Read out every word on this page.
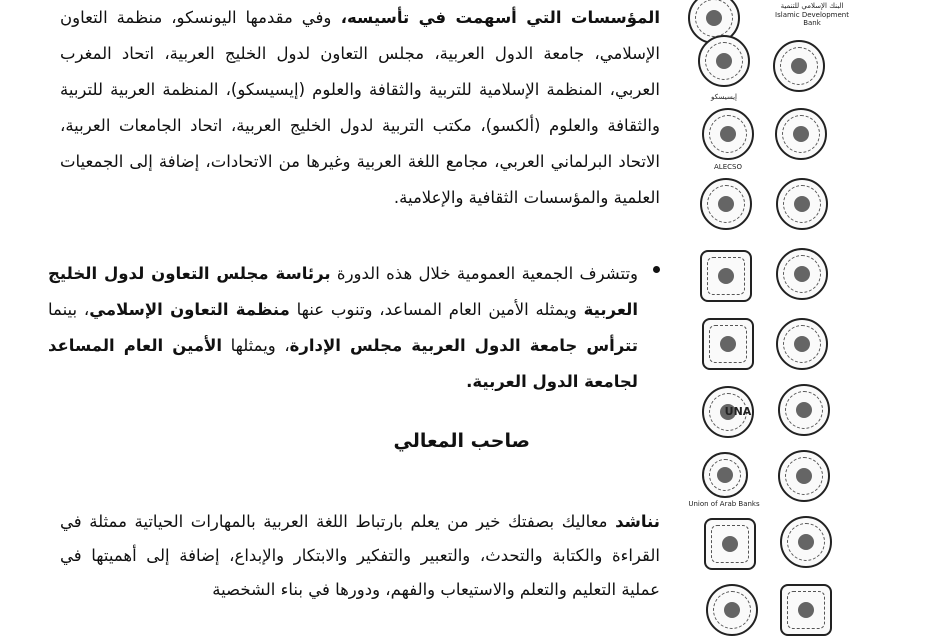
المؤسسات التي أسهمت في تأسيسه، وفي مقدمها اليونسكو، منظمة التعاون الإسلامي، جامعة الدول العربية، مجلس التعاون لدول الخليج العربية، اتحاد المغرب العربي، المنظمة الإسلامية للتربية والثقافة والعلوم (إيسيسكو)، المنظمة العربية للتربية والثقافة والعلوم (ألكسو)، مكتب التربية لدول الخليج العربية، اتحاد الجامعات العربية، الاتحاد البرلماني العربي، مجامع اللغة العربية وغيرها من الاتحادات، إضافة إلى الجمعيات العلمية والمؤسسات الثقافية والإعلامية.
وتتشرف الجمعية العمومية خلال هذه الدورة برئاسة مجلس التعاون لدول الخليج العربية ويمثله الأمين العام المساعد، وتنوب عنها منظمة التعاون الإسلامي، بينما تترأس جامعة الدول العربية مجلس الإدارة، ويمثلها الأمين العام المساعد لجامعة الدول العربية.
صاحب المعالي
نناشد معاليك بصفتك خير من يعلم بارتباط اللغة العربية بالمهارات الحياتية ممثلة في القراءة والكتابة والتحدث، والتعبير والتفكير والابتكار والإبداع، إضافة إلى أهميتها في عملية التعليم والتعلم والاستيعاب والفهم، ودورها في بناء الشخصية
البنك الإسلامي للتنمية
Islamic Development Bank
إيسيسكو
ALECSO
UNA
Union of Arab Banks
